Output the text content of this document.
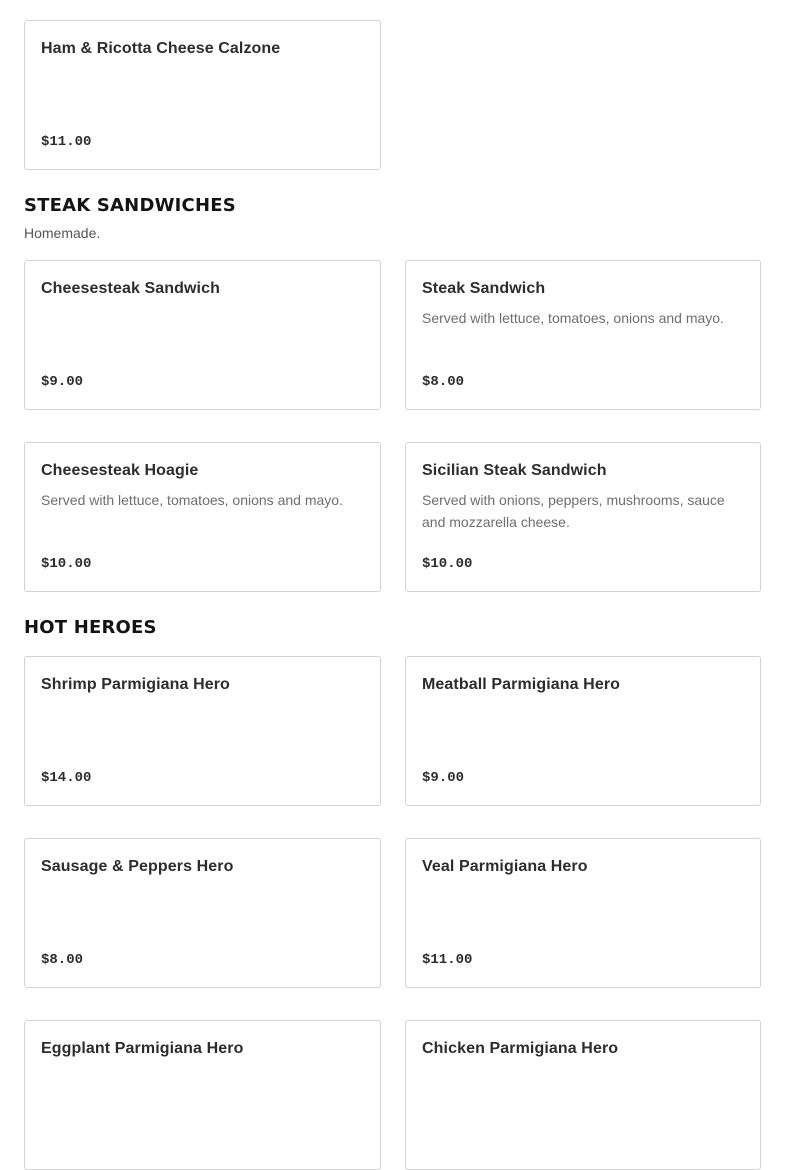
Ham & Ricotta Cheese Calzone
$11.00
STEAK SANDWICHES
Homemade.
Cheesesteak Sandwich
$9.00
Steak Sandwich
Served with lettuce, tomatoes, onions and mayo.
$8.00
Cheesesteak Hoagie
Served with lettuce, tomatoes, onions and mayo.
$10.00
Sicilian Steak Sandwich
Served with onions, peppers, mushrooms, sauce and mozzarella cheese.
$10.00
HOT HEROES
Shrimp Parmigiana Hero
$14.00
Meatball Parmigiana Hero
$9.00
Sausage & Peppers Hero
$8.00
Veal Parmigiana Hero
$11.00
Eggplant Parmigiana Hero	Chicken Parmigiana Hero
